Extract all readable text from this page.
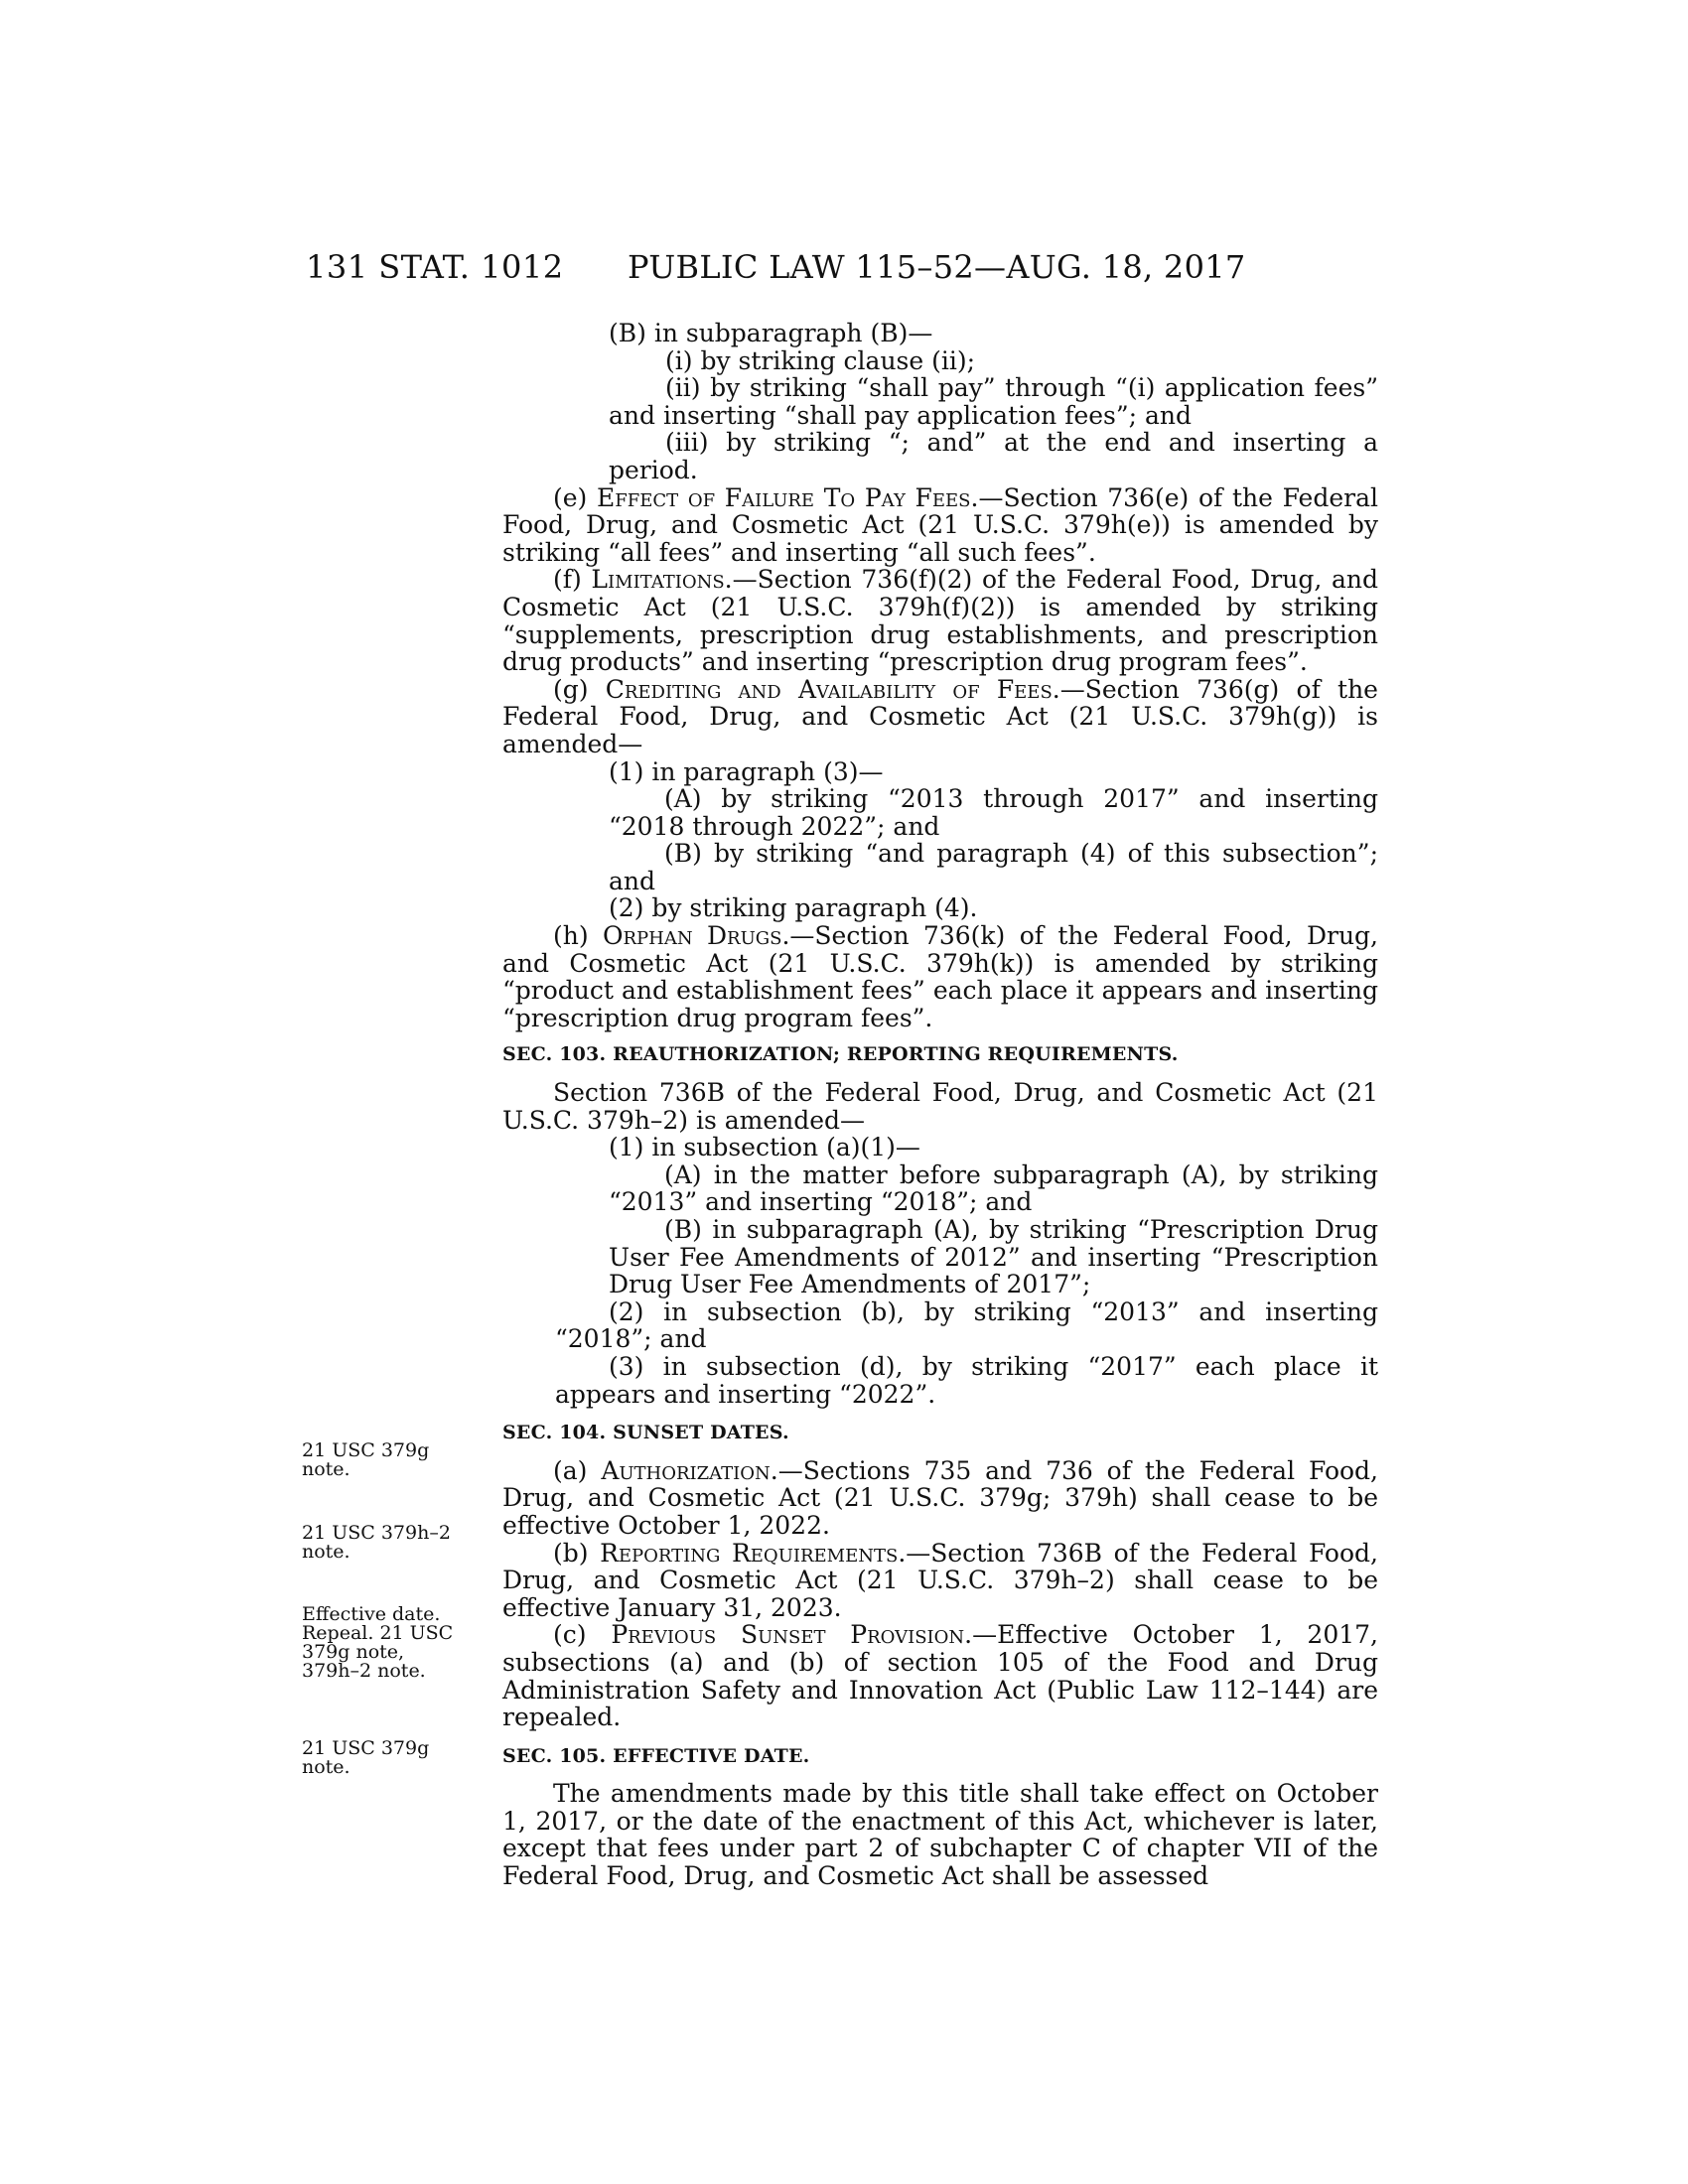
131 STAT. 1012 PUBLIC LAW 115–52—AUG. 18, 2017

(B) in subparagraph (B)—

(i) by striking clause (ii);

(ii) by striking “shall pay” through “(i) application fees” and inserting “shall pay application fees”; and

(iii) by striking “; and” at the end and inserting a period.

(e) Effect of Failure To Pay Fees.—Section 736(e) of the Federal Food, Drug, and Cosmetic Act (21 U.S.C. 379h(e)) is amended by striking “all fees” and inserting “all such fees”.

(f) Limitations.—Section 736(f)(2) of the Federal Food, Drug, and Cosmetic Act (21 U.S.C. 379h(f)(2)) is amended by striking “supplements, prescription drug establishments, and prescription drug products” and inserting “prescription drug program fees”.

(g) Crediting and Availability of Fees.—Section 736(g) of the Federal Food, Drug, and Cosmetic Act (21 U.S.C. 379h(g)) is amended—

(1) in paragraph (3)—

(A) by striking “2013 through 2017” and inserting “2018 through 2022”; and

(B) by striking “and paragraph (4) of this subsection”; and

(2) by striking paragraph (4).

(h) Orphan Drugs.—Section 736(k) of the Federal Food, Drug, and Cosmetic Act (21 U.S.C. 379h(k)) is amended by striking “product and establishment fees” each place it appears and inserting “prescription drug program fees”.

SEC. 103. REAUTHORIZATION; REPORTING REQUIREMENTS.

Section 736B of the Federal Food, Drug, and Cosmetic Act (21 U.S.C. 379h–2) is amended—

(1) in subsection (a)(1)—

(A) in the matter before subparagraph (A), by striking “2013” and inserting “2018”; and

(B) in subparagraph (A), by striking “Prescription Drug User Fee Amendments of 2012” and inserting “Prescription Drug User Fee Amendments of 2017”;

(2) in subsection (b), by striking “2013” and inserting “2018”; and

(3) in subsection (d), by striking “2017” each place it appears and inserting “2022”.

SEC. 104. SUNSET DATES.

(a) Authorization.—Sections 735 and 736 of the Federal Food, Drug, and Cosmetic Act (21 U.S.C. 379g; 379h) shall cease to be effective October 1, 2022.

(b) Reporting Requirements.—Section 736B of the Federal Food, Drug, and Cosmetic Act (21 U.S.C. 379h–2) shall cease to be effective January 31, 2023.

(c) Previous Sunset Provision.—Effective October 1, 2017, subsections (a) and (b) of section 105 of the Food and Drug Administration Safety and Innovation Act (Public Law 112–144) are repealed.

SEC. 105. EFFECTIVE DATE.

The amendments made by this title shall take effect on October 1, 2017, or the date of the enactment of this Act, whichever is later, except that fees under part 2 of subchapter C of chapter VII of the Federal Food, Drug, and Cosmetic Act shall be assessed

21 USC 379g note.
21 USC 379h–2 note.
Effective date. Repeal. 21 USC 379g note, 379h–2 note.
21 USC 379g note.
